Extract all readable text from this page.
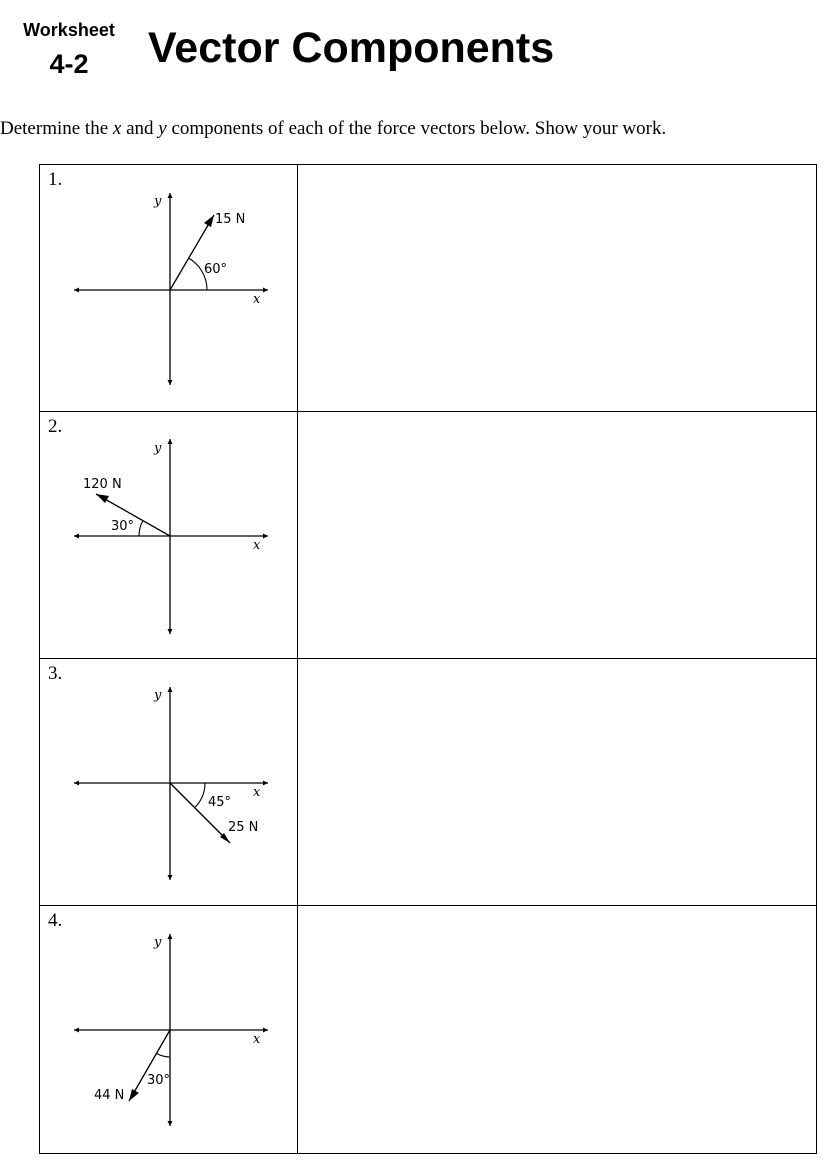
Worksheet
4-2	Vector Components
Determine the x and y components of each of the force vectors below. Show your work.
1.
y
x
15 N
60°
2.
y
x
120 N
30°
3.
y
x
25 N
45°
4.
y
x
44 N
30°
